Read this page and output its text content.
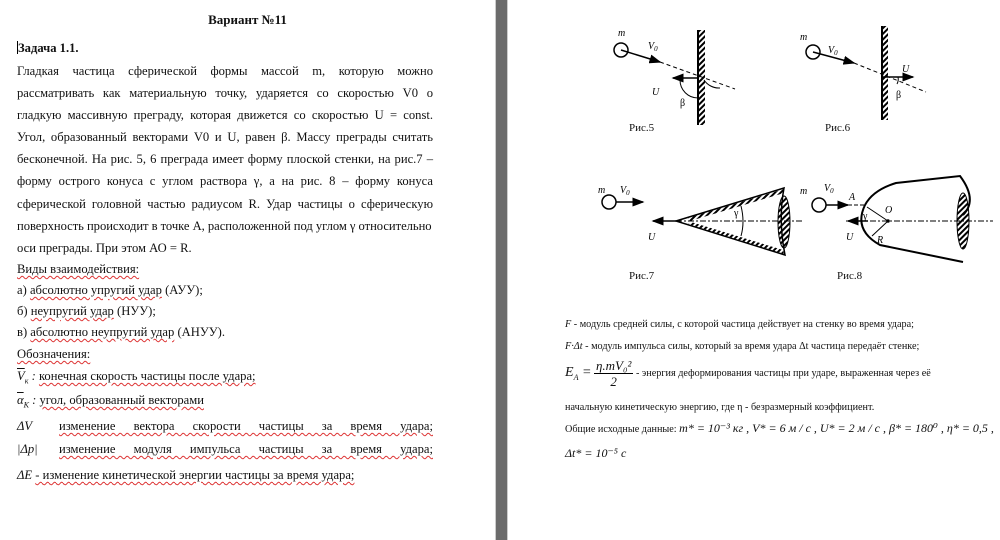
Вариант №11
Задача 1.1.
Гладкая частица сферической формы массой m, которую можно
рассматривать как материальную точку, ударяется со скоростью V0 о
гладкую массивную преграду, которая движется со скоростью U = const.
Угол, образованный векторами V0 и U, равен β. Массу преграды считать
бесконечной. На рис. 5, 6 преграда имеет форму плоской стенки, на рис.7 –
форму острого конуса с углом раствора γ, а на рис. 8 – форму конуса
сферической головной частью радиусом R. Удар частицы о сферическую
поверхность происходит в точке А, расположенной под углом γ относительно
оси преграды. При этом АО = R.
Виды взаимодействия:
а) абсолютно упругий удар (АУУ);
б) неупругий удар (НУУ);
в) абсолютно неупругий удар (АНУУ).
Обозначения:
$\overline{V}_к$ : конечная скорость частицы после удара;
$\overline{\alpha}_K$ : угол, образованный векторами
ΔV изменение вектора скорости частицы за время удара;
|Δp| изменение модуля импульса частицы за время удара;
ΔE - изменение кинетической энергии частицы за время удара;
m
$V_0$
U
β
m
$V_0$
U
β
m $V_0$
U
γ
m $V_0$
A
O
γ
R
U
Рис.5	Рис.6
Рис.7	Рис.8
F - модуль средней силы, с которой частица действует на стенку во время удара;
F·Δt - модуль импульса силы, который за время удара Δt частица передаёт стенке;
$E_A = \frac{\text{η.mV₀²}}{2}$ - энергия деформирования частицы при ударе, выраженная через её
начальную кинетическую энергию, где η - безразмерный коэффициент.
Общие исходные данные: m* = 10⁻³ кг , V* = 6 м / с , U* = 2 м / с , β* = 180⁰ , η* = 0,5 ,
Δt* = 10⁻⁵ с
